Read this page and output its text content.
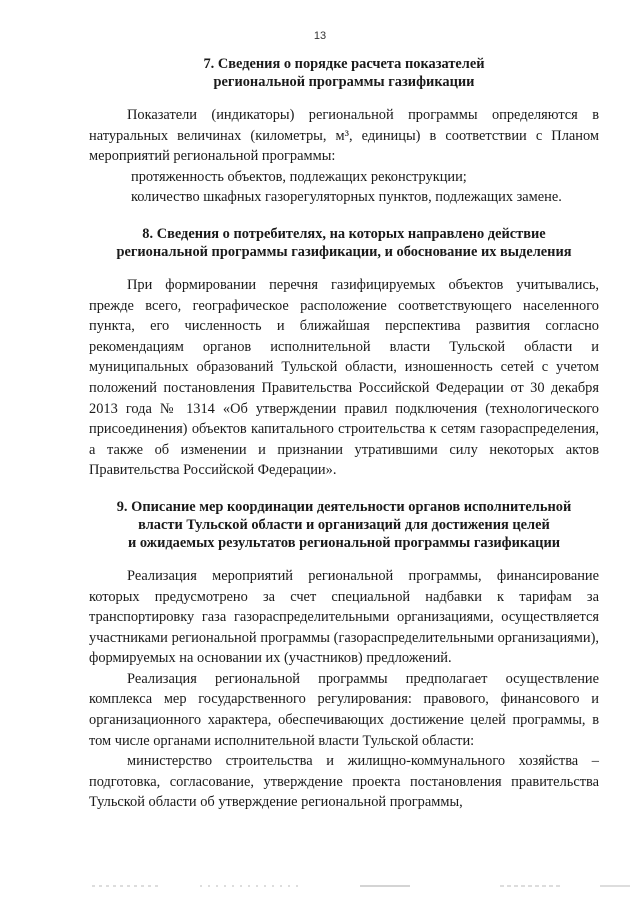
13
7. Сведения о порядке расчета показателей
региональной программы газификации

Показатели (индикаторы) региональной программы определяются в натуральных величинах (километры, м³, единицы) в соответствии с Планом мероприятий региональной программы:

протяженность объектов, подлежащих реконструкции;

количество шкафных газорегуляторных пунктов, подлежащих замене.

8. Сведения о потребителях, на которых направлено действие
региональной программы газификации, и обоснование их выделения

При формировании перечня газифицируемых объектов учитывались, прежде всего, географическое расположение соответствующего населенного пункта, его численность и ближайшая перспектива развития согласно рекомендациям органов исполнительной власти Тульской области и муниципальных образований Тульской области, изношенность сетей с учетом положений постановления Правительства Российской Федерации от 30 декабря 2013 года № 1314 «Об утверждении правил подключения (технологического присоединения) объектов капитального строительства к сетям газораспределения, а также об изменении и признании утратившими силу некоторых актов Правительства Российской Федерации».

9. Описание мер координации деятельности органов исполнительной
власти Тульской области и организаций для достижения целей
и ожидаемых результатов региональной программы газификации

Реализация мероприятий региональной программы, финансирование которых предусмотрено за счет специальной надбавки к тарифам за транспортировку газа газораспределительными организациями, осуществляется участниками региональной программы (газораспределительными организациями), формируемых на основании их (участников) предложений.

Реализация региональной программы предполагает осуществление комплекса мер государственного регулирования: правового, финансового и организационного характера, обеспечивающих достижение целей программы, в том числе органами исполнительной власти Тульской области:

министерство строительства и жилищно-коммунального хозяйства – подготовка, согласование, утверждение проекта постановления правительства Тульской области об утверждение региональной программы,
